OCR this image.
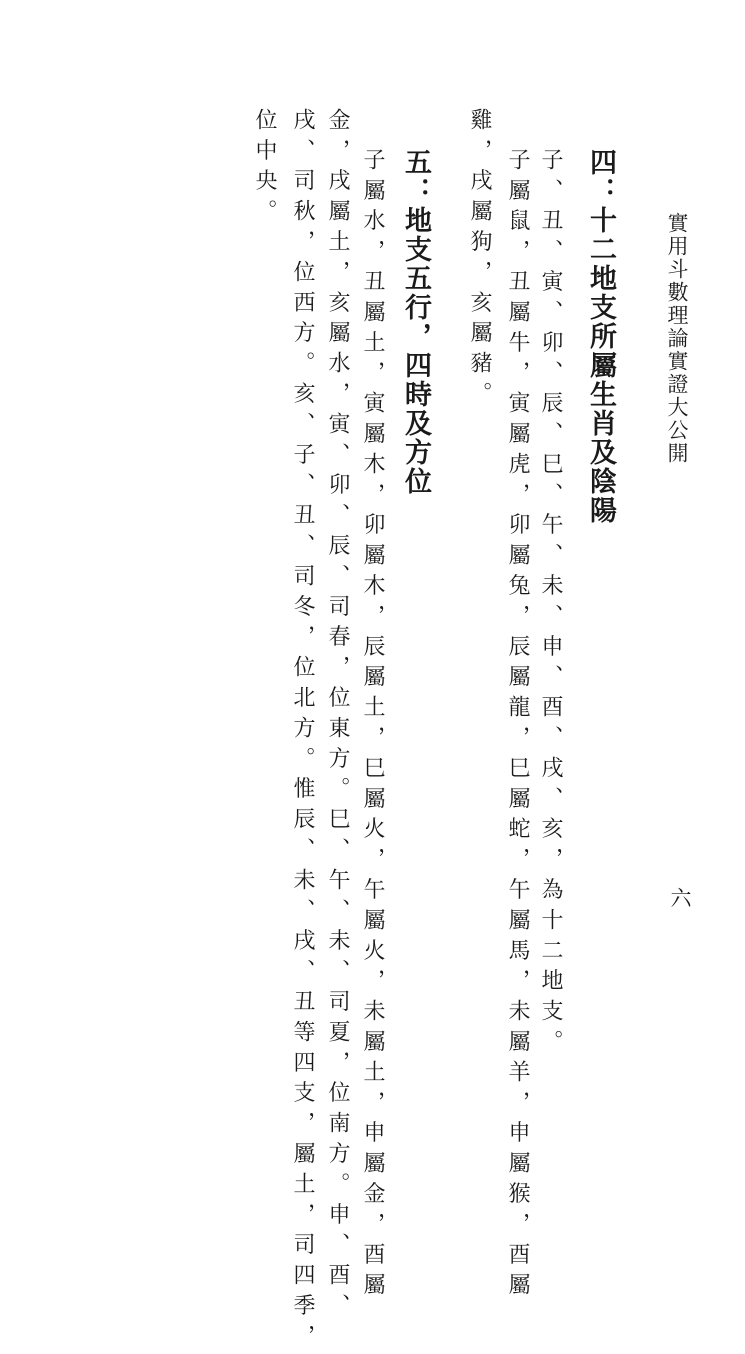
實用斗數理論實證大公開
六
四：十二地支所屬生肖及陰陽
子、丑、寅、卯、辰、巳、午、未、申、酉、戌、亥，為十二地支。
子屬鼠，丑屬牛，寅屬虎，卯屬兔，辰屬龍，巳屬蛇，午屬馬，未屬羊，申屬猴，酉屬
雞，戌屬狗，亥屬豬。
五：地支五行，四時及方位
子屬水，丑屬土，寅屬木，卯屬木，辰屬土，巳屬火，午屬火，未屬土，申屬金，酉屬
金，戌屬土，亥屬水，寅、卯、辰、司春，位東方。巳、午、未、司夏，位南方。申、酉、
戌、司秋，位西方。亥、子、丑、司冬，位北方。惟辰、未、戌、丑等四支，屬土，司四季，
位中央。
